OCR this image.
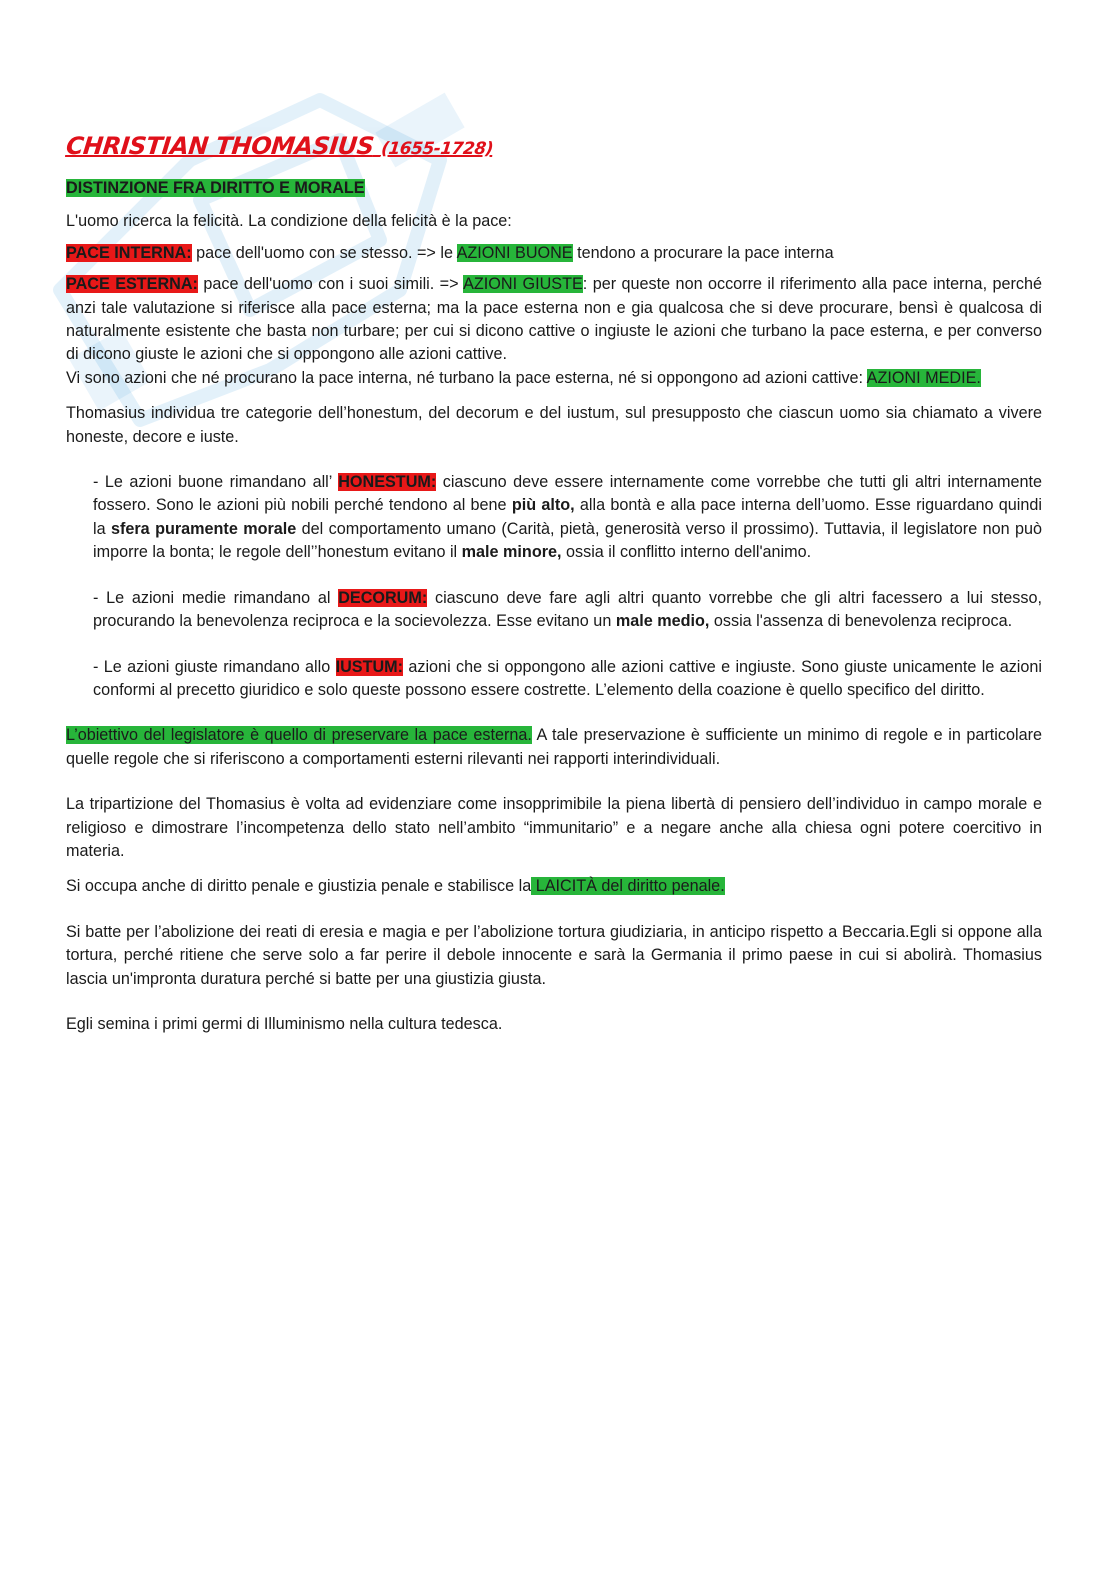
CHRISTIAN THOMASIUS (1655-1728)
DISTINZIONE FRA DIRITTO E MORALE

L'uomo ricerca la felicità. La condizione della felicità è la pace:

PACE INTERNA: pace dell'uomo con se stesso. => le AZIONI BUONE tendono a procurare la pace interna

PACE ESTERNA: pace dell'uomo con i suoi simili. => AZIONI GIUSTE: per queste non occorre il riferimento alla pace interna, perché anzi tale valutazione si riferisce alla pace esterna; ma la pace esterna non e gia qualcosa che si deve procurare, bensì è qualcosa di naturalmente esistente che basta non turbare; per cui si dicono cattive o ingiuste le azioni che turbano la pace esterna, e per converso di dicono giuste le azioni che si oppongono alle azioni cattive.

Vi sono azioni che né procurano la pace interna, né turbano la pace esterna, né si oppongono ad azioni cattive: AZIONI MEDIE.

Thomasius individua tre categorie dell’honestum, del decorum e del iustum, sul presupposto che ciascun uomo sia chiamato a vivere honeste, decore e iuste.

- Le azioni buone rimandano all’ HONESTUM: ciascuno deve essere internamente come vorrebbe che tutti gli altri internamente fossero. Sono le azioni più nobili perché tendono al bene più alto, alla bontà e alla pace interna dell’uomo. Esse riguardano quindi la sfera puramente morale del comportamento umano (Carità, pietà, generosità verso il prossimo). Tuttavia, il legislatore non può imporre la bonta; le regole dell’’honestum evitano il male minore, ossia il conflitto interno dell'animo.

- Le azioni medie rimandano al DECORUM: ciascuno deve fare agli altri quanto vorrebbe che gli altri facessero a lui stesso, procurando la benevolenza reciproca e la socievolezza. Esse evitano un male medio, ossia l'assenza di benevolenza reciproca.

- Le azioni giuste rimandano allo IUSTUM: azioni che si oppongono alle azioni cattive e ingiuste. Sono giuste unicamente le azioni conformi al precetto giuridico e solo queste possono essere costrette. L’elemento della coazione è quello specifico del diritto.

L’obiettivo del legislatore è quello di preservare la pace esterna. A tale preservazione è sufficiente un minimo di regole e in particolare quelle regole che si riferiscono a comportamenti esterni rilevanti nei rapporti interindividuali.

La tripartizione del Thomasius è volta ad evidenziare come insopprimibile la piena libertà di pensiero dell’individuo in campo morale e religioso e dimostrare l’incompetenza dello stato nell’ambito “immunitario” e a negare anche alla chiesa ogni potere coercitivo in materia.

Si occupa anche di diritto penale e giustizia penale e stabilisce la LAICITÀ del diritto penale.

Si batte per l’abolizione dei reati di eresia e magia e per l’abolizione tortura giudiziaria, in anticipo rispetto a Beccaria.Egli si oppone alla tortura, perché ritiene che serve solo a far perire il debole innocente e sarà la Germania il primo paese in cui si abolirà. Thomasius lascia un'impronta duratura perché si batte per una giustizia giusta.

Egli semina i primi germi di Illuminismo nella cultura tedesca.
